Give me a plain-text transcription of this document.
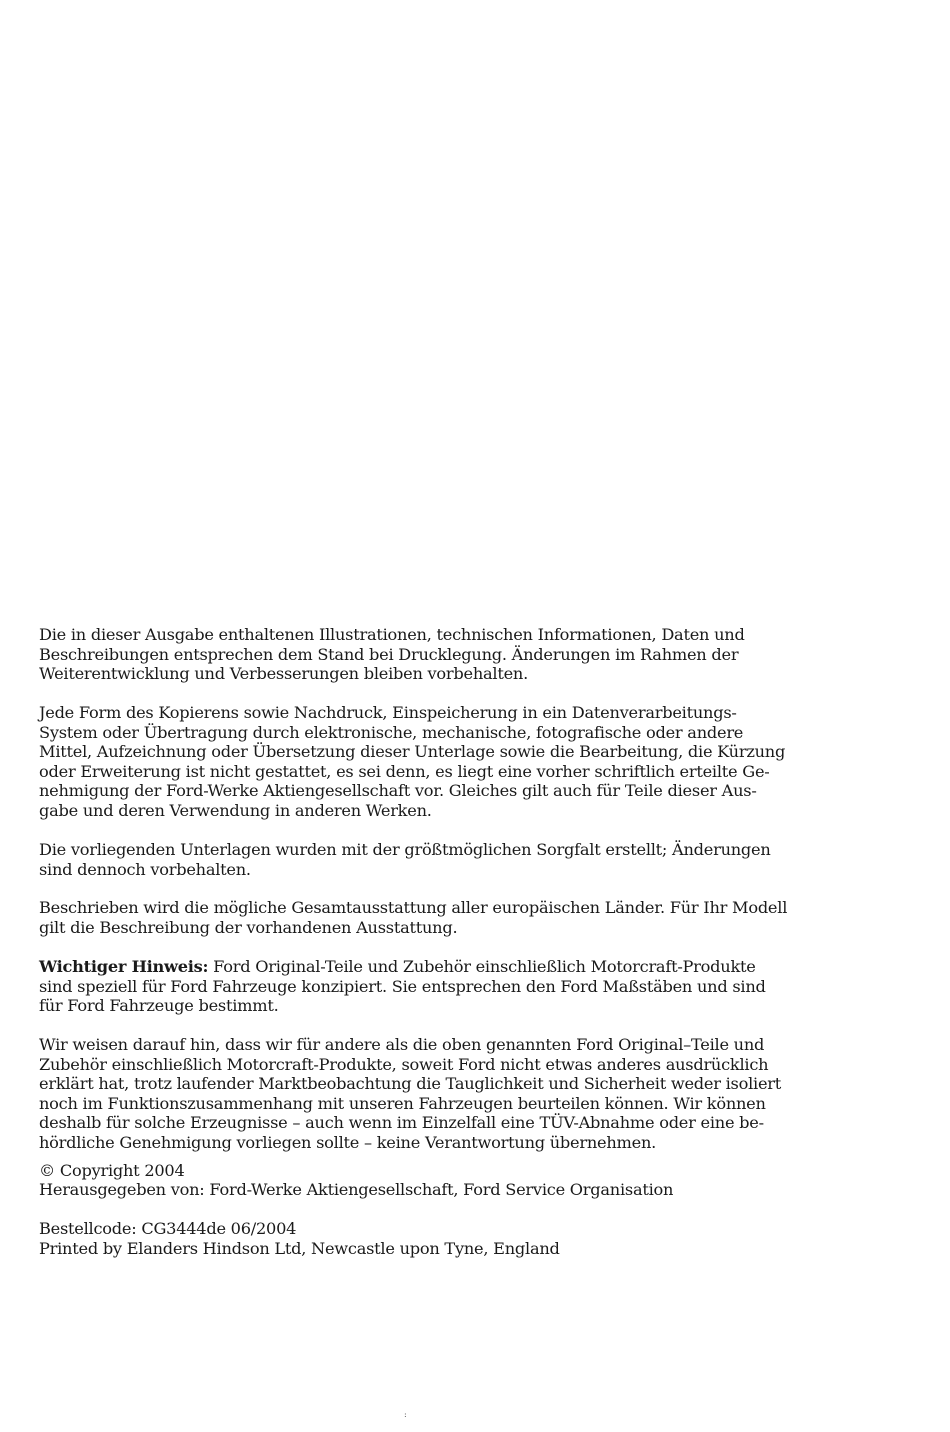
Die in dieser Ausgabe enthaltenen Illustrationen, technischen Informationen, Daten und
Beschreibungen entsprechen dem Stand bei Drucklegung. Änderungen im Rahmen der
Weiterentwicklung und Verbesserungen bleiben vorbehalten.

Jede Form des Kopierens sowie Nachdruck, Einspeicherung in ein Datenverarbeitungs-
System oder Übertragung durch elektronische, mechanische, fotografische oder andere
Mittel, Aufzeichnung oder Übersetzung dieser Unterlage sowie die Bearbeitung, die Kürzung
oder Erweiterung ist nicht gestattet, es sei denn, es liegt eine vorher schriftlich erteilte Ge-
nehmigung der Ford-Werke Aktiengesellschaft vor. Gleiches gilt auch für Teile dieser Aus-
gabe und deren Verwendung in anderen Werken.

Die vorliegenden Unterlagen wurden mit der größtmöglichen Sorgfalt erstellt; Änderungen
sind dennoch vorbehalten.

Beschrieben wird die mögliche Gesamtausstattung aller europäischen Länder. Für Ihr Modell
gilt die Beschreibung der vorhandenen Ausstattung.

Wichtiger Hinweis: Ford Original-Teile und Zubehör einschließlich Motorcraft-Produkte
sind speziell für Ford Fahrzeuge konzipiert. Sie entsprechen den Ford Maßstäben und sind
für Ford Fahrzeuge bestimmt.

Wir weisen darauf hin, dass wir für andere als die oben genannten Ford Original–Teile und
Zubehör einschließlich Motorcraft-Produkte, soweit Ford nicht etwas anderes ausdrücklich
erklärt hat, trotz laufender Marktbeobachtung die Tauglichkeit und Sicherheit weder isoliert
noch im Funktionszusammenhang mit unseren Fahrzeugen beurteilen können. Wir können
deshalb für solche Erzeugnisse – auch wenn im Einzelfall eine TÜV-Abnahme oder eine be-
hördliche Genehmigung vorliegen sollte – keine Verantwortung übernehmen.

© Copyright 2004
Herausgegeben von: Ford-Werke Aktiengesellschaft, Ford Service Organisation

Bestellcode: CG3444de 06/2004
Printed by Elanders Hindson Ltd, Newcastle upon Tyne, England

:
